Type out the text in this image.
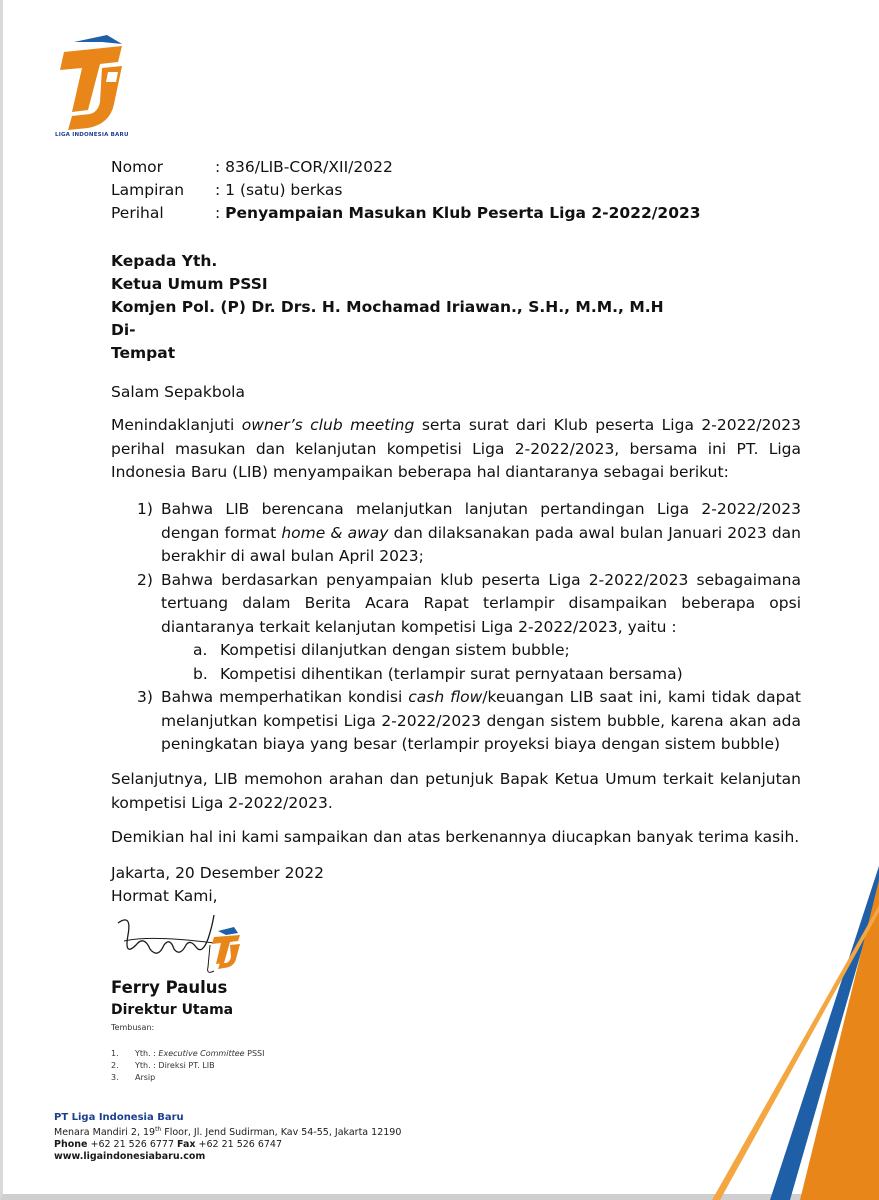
LIGA INDONESIA BARU
Nomor	: 836/LIB-COR/XII/2022
Lampiran	: 1 (satu) berkas
Perihal	: Penyampaian Masukan Klub Peserta Liga 2-2022/2023
Kepada Yth.
Ketua Umum PSSI
Komjen Pol. (P) Dr. Drs. H. Mochamad Iriawan., S.H., M.M., M.H
Di-
Tempat
Salam Sepakbola
Menindaklanjuti owner’s club meeting serta surat dari Klub peserta Liga 2-2022/2023 perihal masukan dan kelanjutan kompetisi Liga 2-2022/2023, bersama ini PT. Liga Indonesia Baru (LIB) menyampaikan beberapa hal diantaranya sebagai berikut:
1) Bahwa LIB berencana melanjutkan lanjutan pertandingan Liga 2-2022/2023 dengan format home & away dan dilaksanakan pada awal bulan Januari 2023 dan berakhir di awal bulan April 2023;
2) Bahwa berdasarkan penyampaian klub peserta Liga 2-2022/2023 sebagaimana tertuang dalam Berita Acara Rapat terlampir disampaikan beberapa opsi diantaranya terkait kelanjutan kompetisi Liga 2-2022/2023, yaitu :
a. Kompetisi dilanjutkan dengan sistem bubble;
b. Kompetisi dihentikan (terlampir surat pernyataan bersama)
3) Bahwa memperhatikan kondisi cash flow/keuangan LIB saat ini, kami tidak dapat melanjutkan kompetisi Liga 2-2022/2023 dengan sistem bubble, karena akan ada peningkatan biaya yang besar (terlampir proyeksi biaya dengan sistem bubble)
Selanjutnya, LIB memohon arahan dan petunjuk Bapak Ketua Umum terkait kelanjutan kompetisi Liga 2-2022/2023.
Demikian hal ini kami sampaikan dan atas berkenannya diucapkan banyak terima kasih.
Jakarta, 20 Desember 2022
Hormat Kami,
Ferry Paulus
Direktur Utama
Tembusan:
1.	Yth. : Executive Committee PSSI
2.	Yth. : Direksi PT. LIB
3.	Arsip
PT Liga Indonesia Baru
Menara Mandiri 2, 19th Floor, Jl. Jend Sudirman, Kav 54-55, Jakarta 12190
Phone +62 21 526 6777 Fax +62 21 526 6747
www.ligaindonesiabaru.com
